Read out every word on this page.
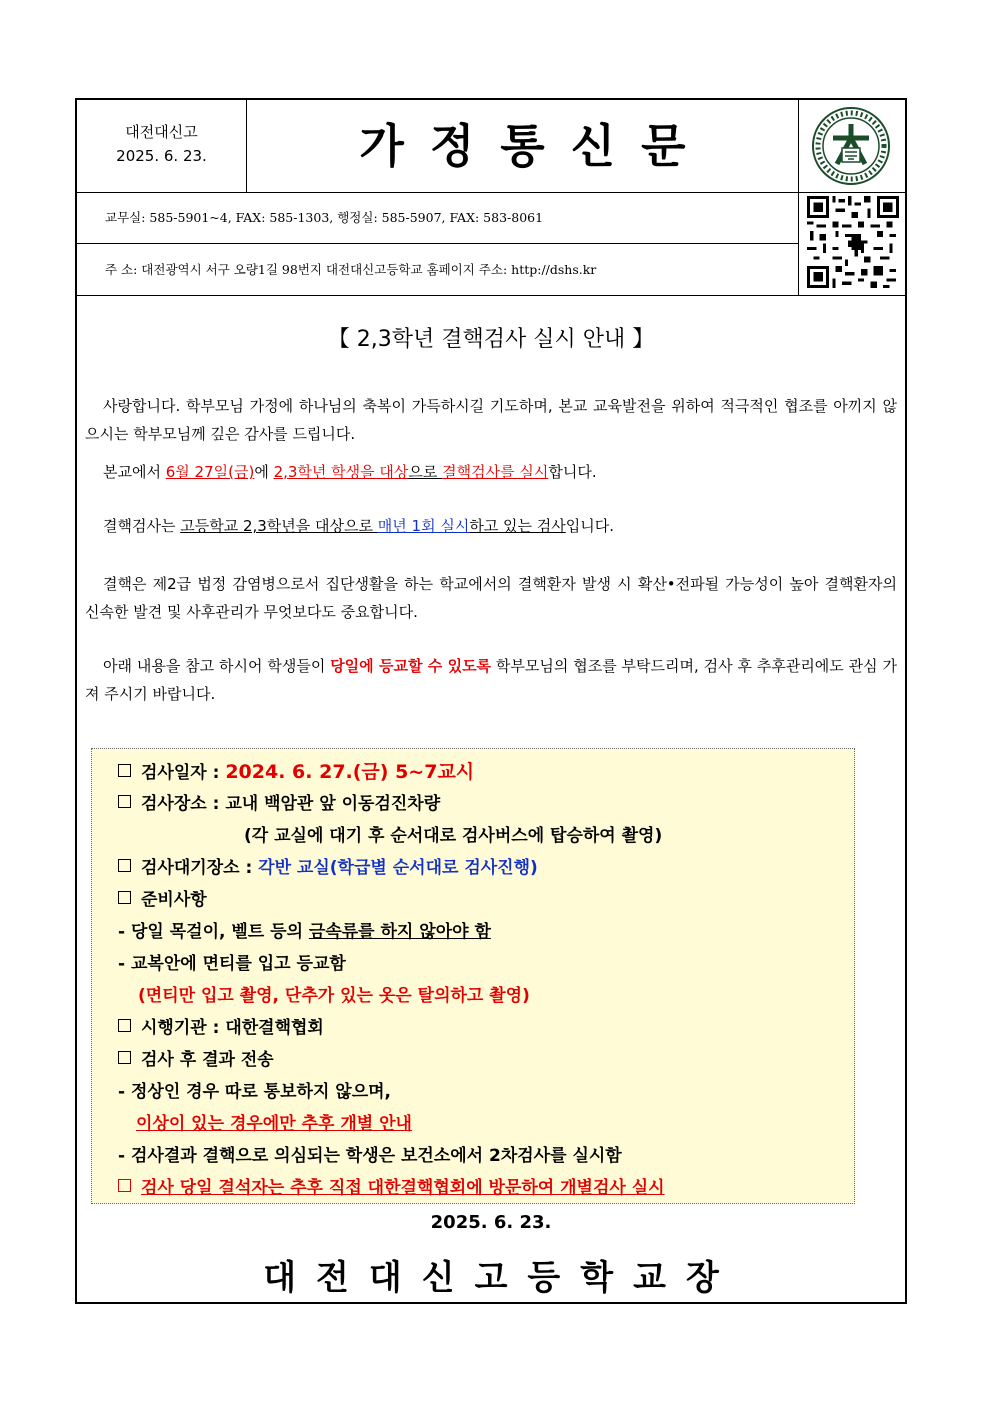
대전대신고
2025. 6. 23.	가정통신문
교무실: 585-5901~4, FAX: 585-1303, 행정실: 585-5907, FAX: 583-8061
주 소: 대전광역시 서구 오량1길 98번지 대전대신고등학교 홈페이지 주소: http://dshs.kr
【 2,3학년 결핵검사 실시 안내 】
사랑합니다. 학부모님 가정에 하나님의 축복이 가득하시길 기도하며, 본교 교육발전을 위하여 적극적인 협조를 아끼지 않으시는 학부모님께 깊은 감사를 드립니다.
본교에서 6월 27일(금)에 2,3학년 학생을 대상으로 결핵검사를 실시합니다.
결핵검사는 고등학교 2,3학년을 대상으로 매년 1회 실시하고 있는 검사입니다.
결핵은 제2급 법정 감염병으로서 집단생활을 하는 학교에서의 결핵환자 발생 시 확산•전파될 가능성이 높아 결핵환자의 신속한 발견 및 사후관리가 무엇보다도 중요합니다.
아래 내용을 참고 하시어 학생들이 당일에 등교할 수 있도록 학부모님의 협조를 부탁드리며, 검사 후 추후관리에도 관심 가져 주시기 바랍니다.
검사일자 : 2024. 6. 27.(금) 5~7교시
검사장소 : 교내 백암관 앞 이동검진차량
(각 교실에 대기 후 순서대로 검사버스에 탑승하여 촬영)
검사대기장소 : 각반 교실(학급별 순서대로 검사진행)
준비사항
- 당일 목걸이, 벨트 등의 금속류를 하지 않아야 함
- 교복안에 면티를 입고 등교함
(면티만 입고 촬영, 단추가 있는 옷은 탈의하고 촬영)
시행기관 : 대한결핵협회
검사 후 결과 전송
- 정상인 경우 따로 통보하지 않으며,
이상이 있는 경우에만 추후 개별 안내
- 검사결과 결핵으로 의심되는 학생은 보건소에서 2차검사를 실시함
검사 당일 결석자는 추후 직접 대한결핵협회에 방문하여 개별검사 실시
2025. 6. 23.
대전대신고등학교장
